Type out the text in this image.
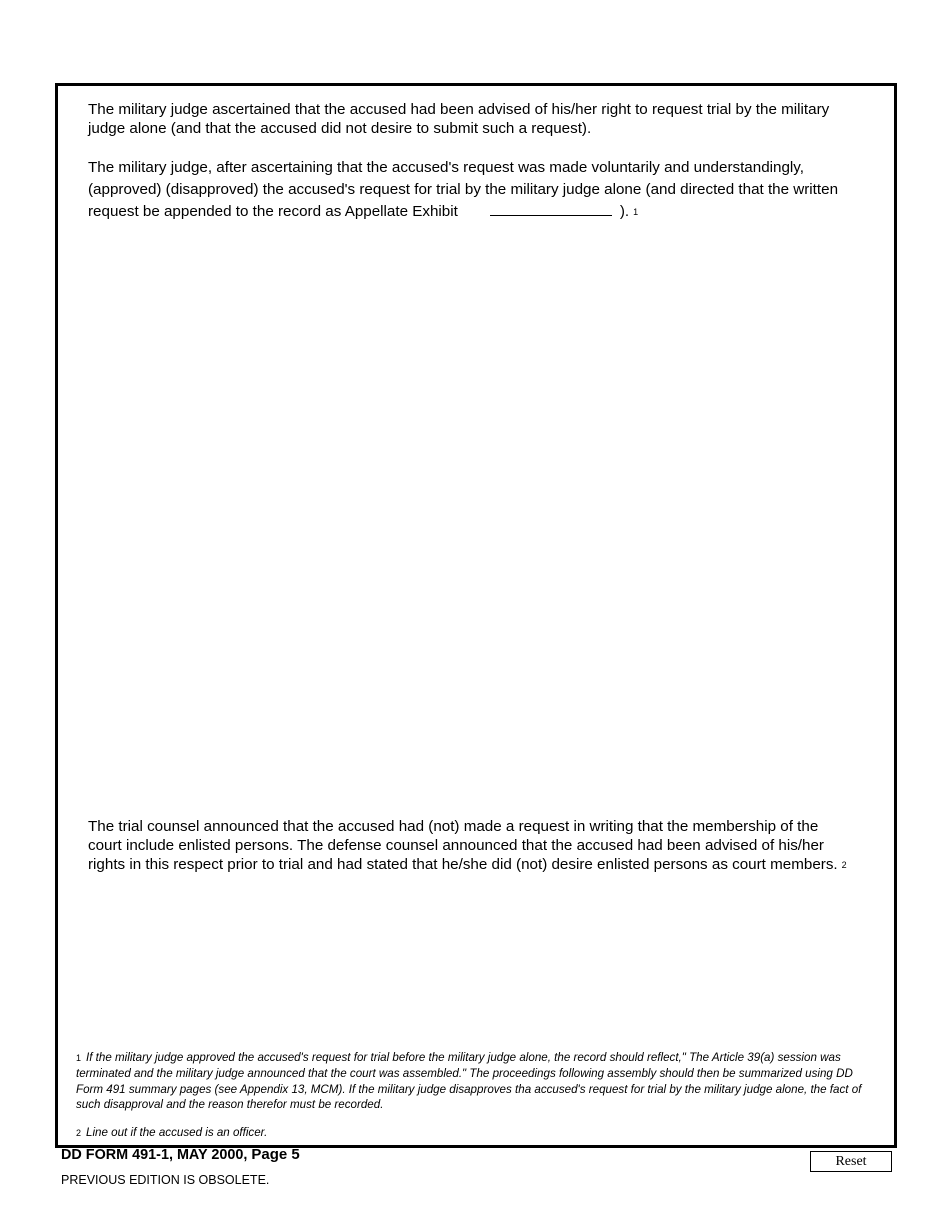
The military judge ascertained that the accused had been advised of his/her right to request trial by the military judge alone (and that the accused did not desire to submit such a request).
The military judge, after ascertaining that the accused's request was made voluntarily and understandingly, (approved) (disapproved) the accused's request for trial by the military judge alone (and directed that the written request be appended to the record as Appellate Exhibit	). 1
The trial counsel announced that the accused had (not) made a request in writing that the membership of the court include enlisted persons. The defense counsel announced that the accused had been advised of his/her rights in this respect prior to trial and had stated that he/she did (not) desire enlisted persons as court members. 2
1 If the military judge approved the accused's request for trial before the military judge alone, the record should reflect," The Article 39(a) session was terminated and the military judge announced that the court was assembled." The proceedings following assembly should then be summarized using DD Form 491 summary pages (see Appendix 13, MCM). If the military judge disapproves tha accused's request for trial by the military judge alone, the fact of such disapproval and the reason therefor must be recorded.
2 Line out if the accused is an officer.
DD FORM 491-1, MAY 2000, Page 5
PREVIOUS EDITION IS OBSOLETE.
Reset
